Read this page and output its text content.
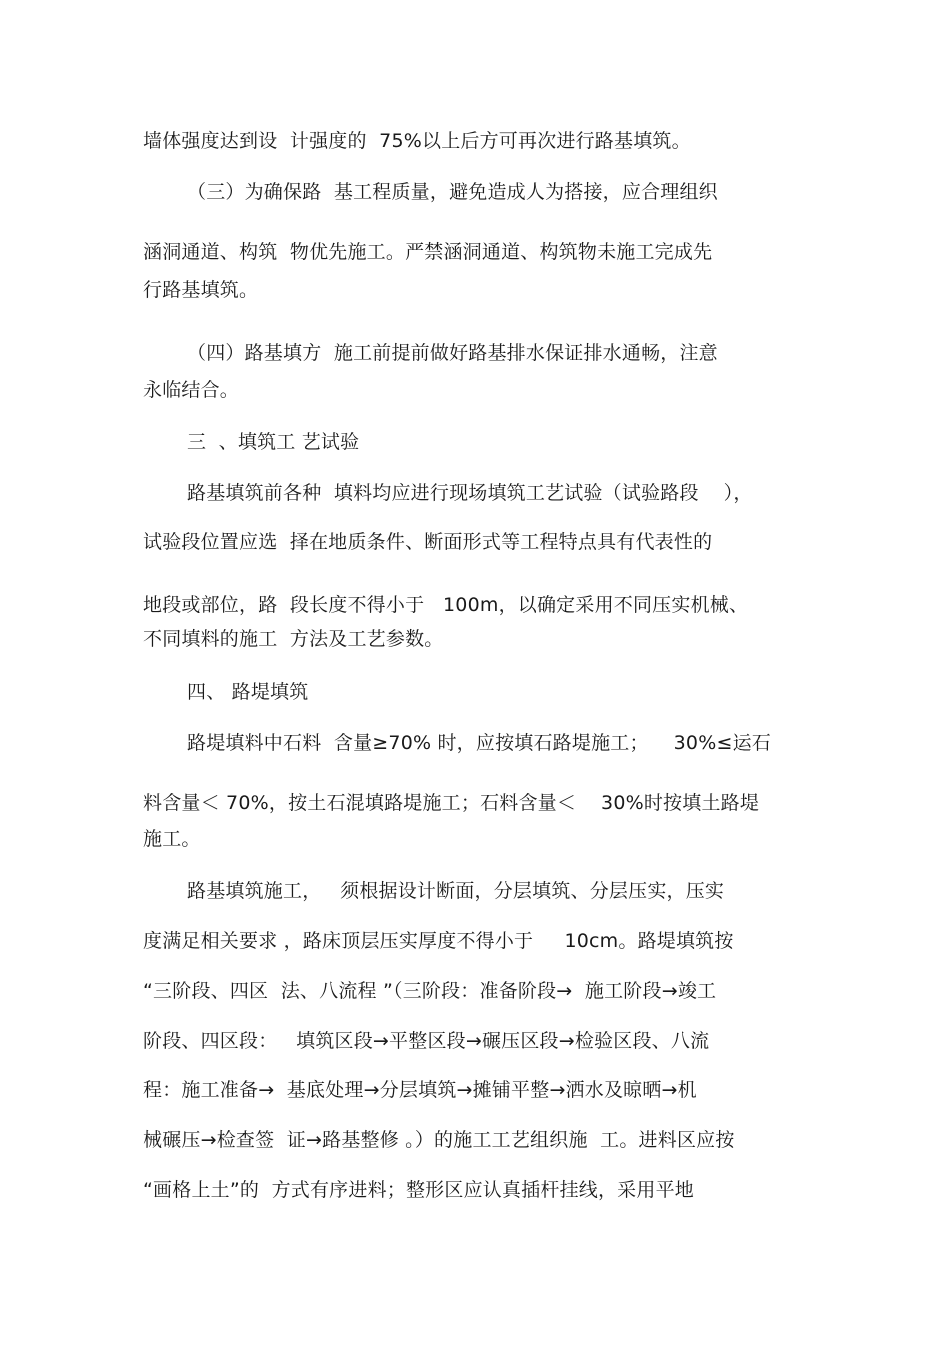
墙体强度达到设  计强度的  75%以上后方可再次进行路基填筑。
（三）为确保路  基工程质量，避免造成人为搭接，应合理组织
涵洞通道、构筑  物优先施工。严禁涵洞通道、构筑物未施工完成先
行路基填筑。
（四）路基填方  施工前提前做好路基排水保证排水通畅，注意
永临结合。
三  、填筑工 艺试验
路基填筑前各种  填料均应进行现场填筑工艺试验（试验路段    ），
试验段位置应选  择在地质条件、断面形式等工程特点具有代表性的
地段或部位，路  段长度不得小于   100m，以确定采用不同压实机械、
不同填料的施工  方法及工艺参数。
四、 路堤填筑
路堤填料中石料  含量≥70% 时，应按填石路堤施工；    30%≤运石
料含量＜ 70%，按土石混填路堤施工；石料含量＜    30%时按填土路堤
施工。
路基填筑施工，   须根据设计断面，分层填筑、分层压实，压实
度满足相关要求 ，路床顶层压实厚度不得小于     10cm。路堤填筑按
“三阶段、四区  法、八流程 ”（三阶段：准备阶段→  施工阶段→竣工
阶段、四区段：   填筑区段→平整区段→碾压区段→检验区段、八流
程：施工准备→  基底处理→分层填筑→摊铺平整→洒水及晾晒→机
械碾压→检查签  证→路基整修 。）的施工工艺组织施  工。进料区应按
“画格上土”的  方式有序进料；整形区应认真插杆挂线，采用平地
